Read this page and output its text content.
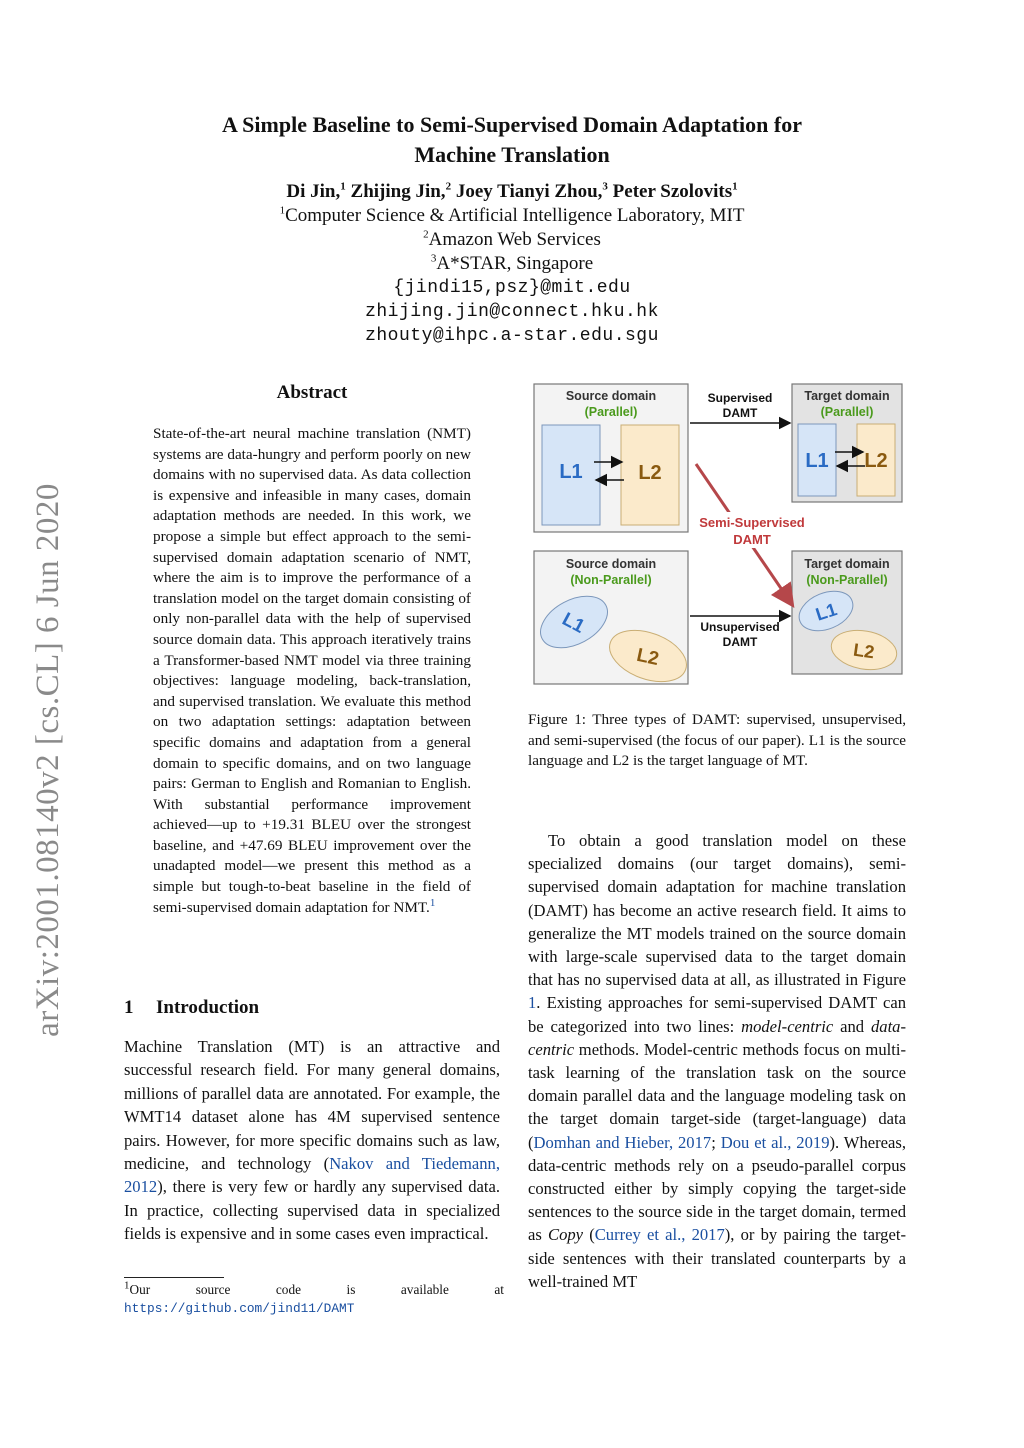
A Simple Baseline to Semi-Supervised Domain Adaptation for
Machine Translation
Di Jin,$^1$ Zhijing Jin,$^2$ Joey Tianyi Zhou,$^3$ Peter Szolovits$^1$
$^1$Computer Science & Artificial Intelligence Laboratory, MIT
$^2$Amazon Web Services
$^3$A*STAR, Singapore
{jindi15,psz}@mit.edu
zhijing.jin@connect.hku.hk
zhouty@ihpc.a-star.edu.sgu
arXiv:2001.08140v2 [cs.CL] 6 Jun 2020
Abstract

State-of-the-art neural machine translation (NMT) systems are data-hungry and perform poorly on new domains with no supervised data. As data collection is expensive and infeasible in many cases, domain adaptation methods are needed. In this work, we propose a simple but effect approach to the semi-supervised domain adaptation scenario of NMT, where the aim is to improve the performance of a translation model on the target domain consisting of only non-parallel data with the help of supervised source domain data. This approach iteratively trains a Transformer-based NMT model via three training objectives: language modeling, back-translation, and supervised translation. We evaluate this method on two adaptation settings: adaptation between specific domains and adaptation from a general domain to specific domains, and on two language pairs: German to English and Romanian to English. With substantial performance improvement achieved—up to +19.31 BLEU over the strongest baseline, and +47.69 BLEU improvement over the unadapted model—we present this method as a simple but tough-to-beat baseline in the field of semi-supervised domain adaptation for NMT.$^1$

1 Introduction

Machine Translation (MT) is an attractive and successful research field. For many general domains, millions of parallel data are annotated. For example, the WMT14 dataset alone has 4M supervised sentence pairs. However, for more specific domains such as law, medicine, and technology (Nakov and Tiedemann, 2012), there is very few or hardly any supervised data. In practice, collecting supervised data in specialized fields is expensive and in some cases even impractical.

$^1$Our source code is available at https://github.com/jind11/DAMT
Source domain
(Parallel)
L1	L2
Target domain
(Parallel)
L1 L2
Supervised
DAMT
Source domain
(Non-Parallel)
L1
L2
Target domain
(Non-Parallel)
L1
L2
Unsupervised
DAMT
Semi-Supervised
DAMT
Figure 1: Three types of DAMT: supervised, unsupervised, and semi-supervised (the focus of our paper). L1 is the source language and L2 is the target language of MT.

To obtain a good translation model on these specialized domains (our target domains), semi-supervised domain adaptation for machine translation (DAMT) has become an active research field. It aims to generalize the MT models trained on the source domain with large-scale supervised data to the target domain that has no supervised data at all, as illustrated in Figure 1. Existing approaches for semi-supervised DAMT can be categorized into two lines: model-centric and data-centric methods. Model-centric methods focus on multi-task learning of the translation task on the source domain parallel data and the language modeling task on the target domain target-side (target-language) data (Domhan and Hieber, 2017; Dou et al., 2019). Whereas, data-centric methods rely on a pseudo-parallel corpus constructed either by simply copying the target-side sentences to the source side in the target domain, termed as Copy (Currey et al., 2017), or by pairing the target-side sentences with their translated counterparts by a well-trained MT
